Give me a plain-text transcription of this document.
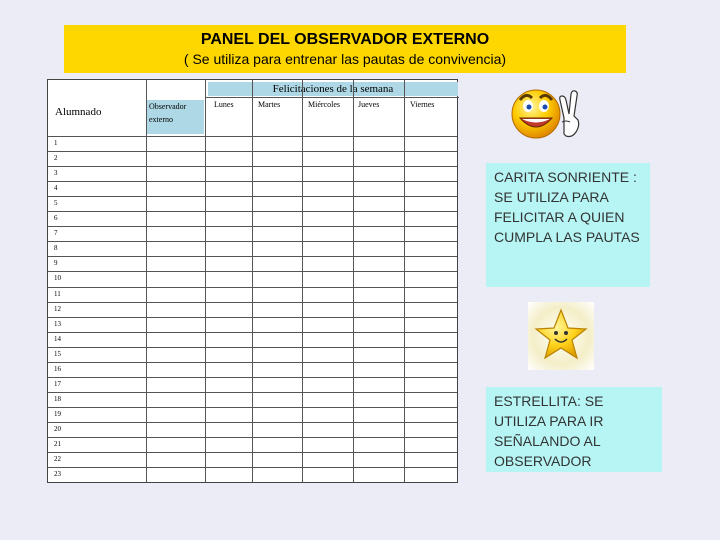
PANEL DEL OBSERVADOR EXTERNO
( Se utiliza para entrenar las pautas de convivencia)
Felicitaciones de la semana
Alumnado	Observador externo
Lunes	Martes	Miércoles Jueves	Viernes
1
2
3
4
5
6
7
8
9
10
11
12
13
14
15
16
17
18
19
20
21
22
23
CARITA SONRIENTE : SE UTILIZA PARA FELICITAR A QUIEN CUMPLA LAS PAUTAS
ESTRELLITA: SE UTILIZA PARA IR SEÑALANDO AL OBSERVADOR
